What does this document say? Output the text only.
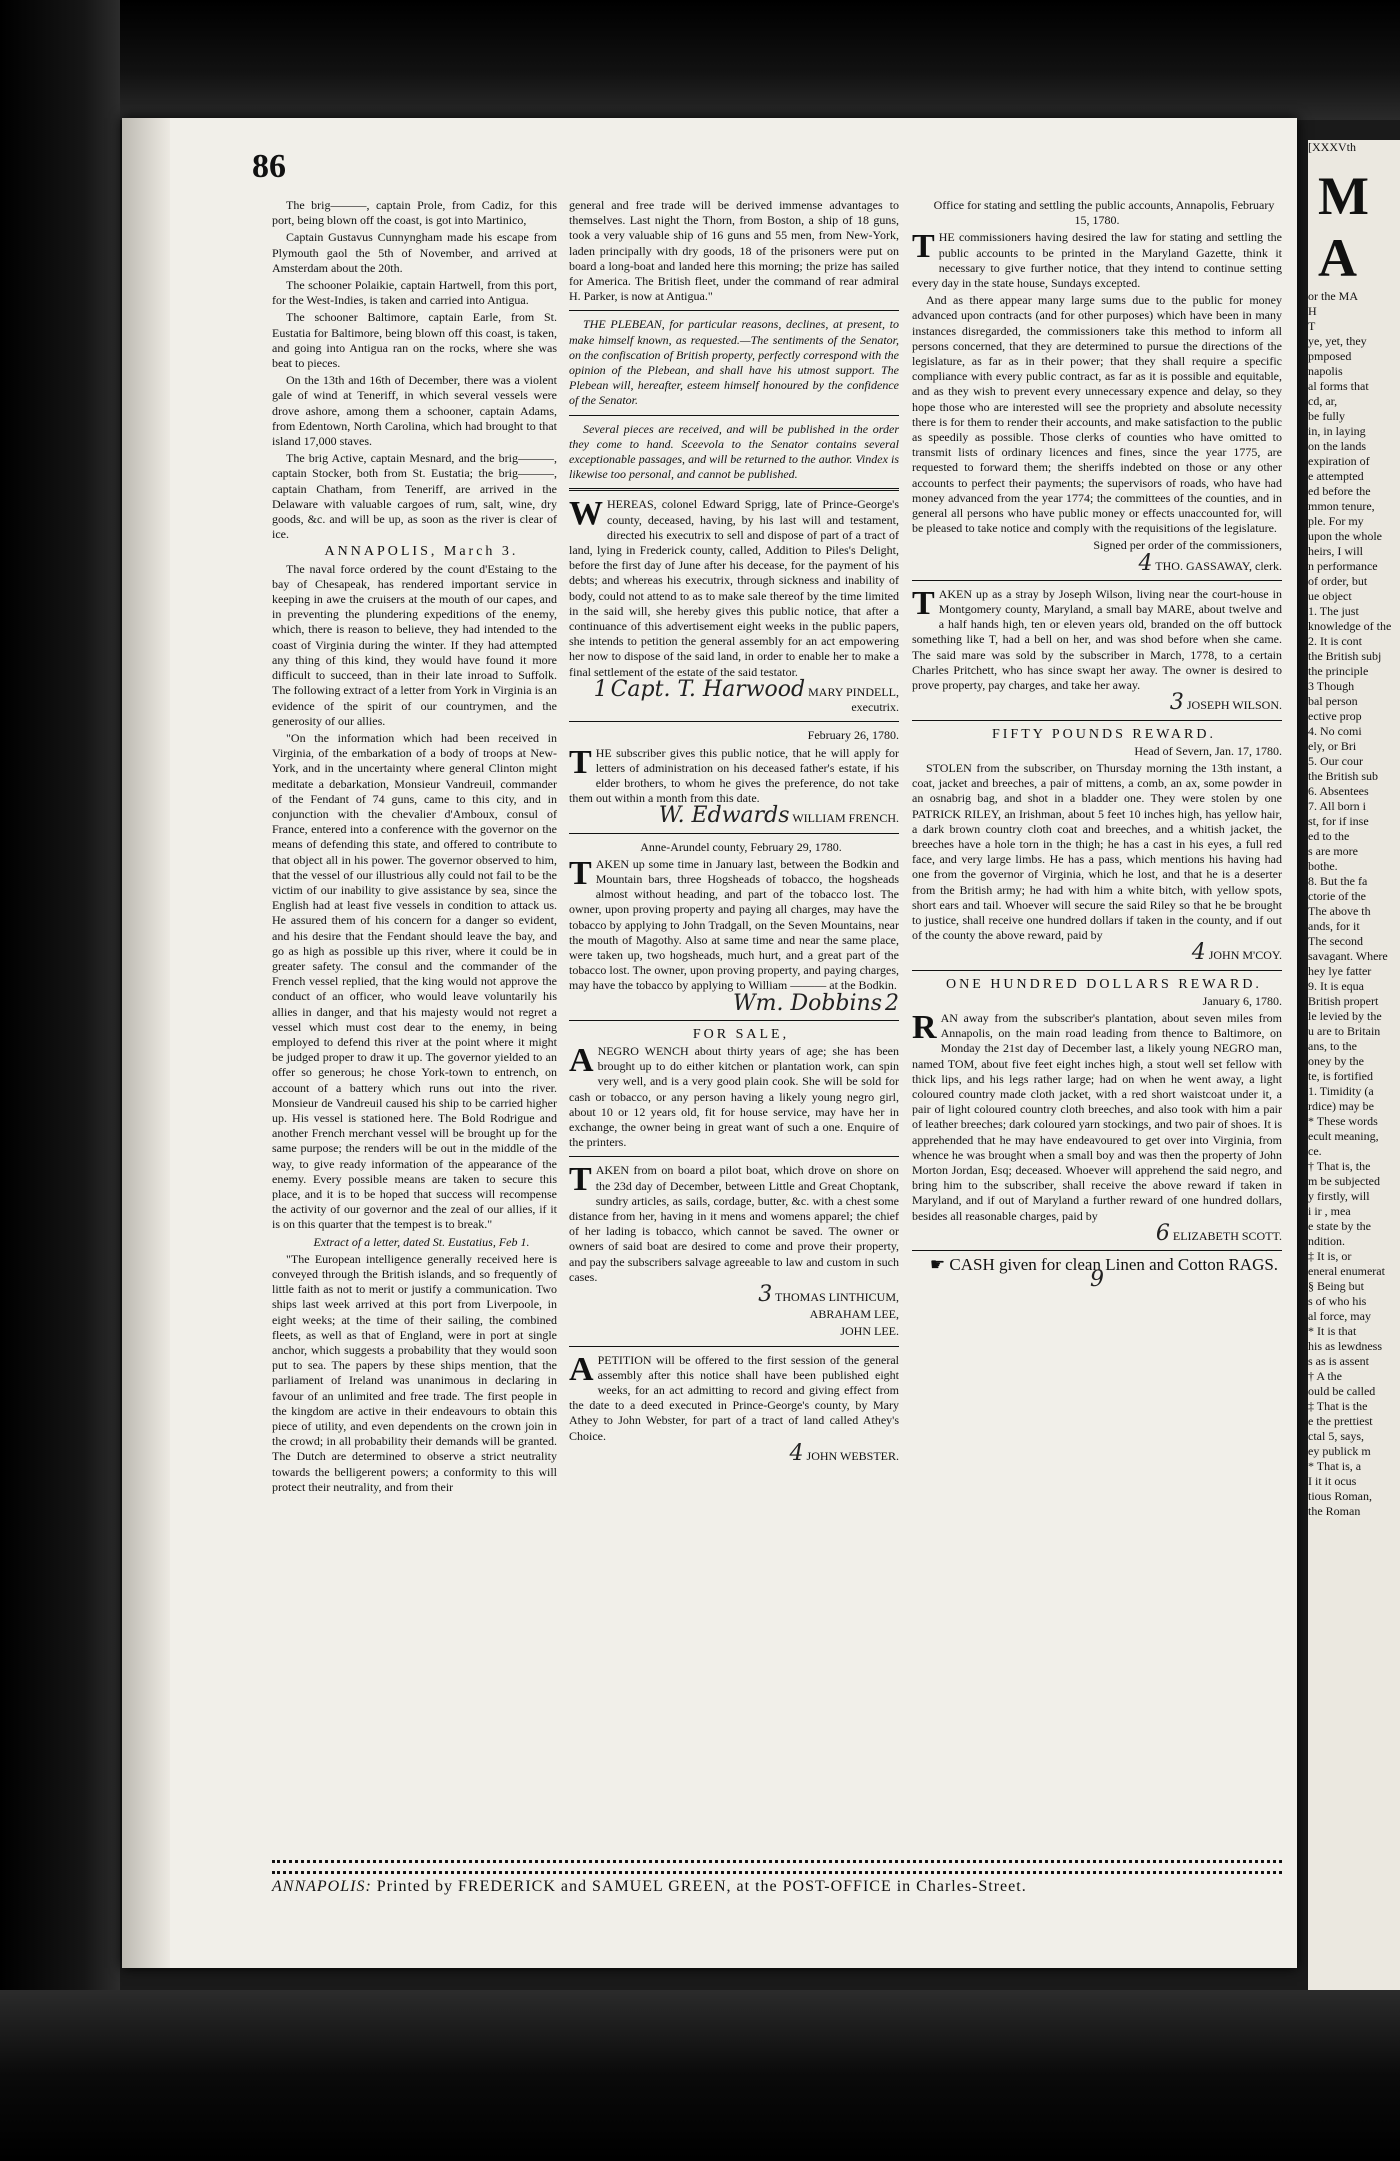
86

The brig———, captain Prole, from Cadiz, for this port, being blown off the coast, is got into Martinico,

Captain Gustavus Cunnyngham made his escape from Plymouth gaol the 5th of November, and arrived at Amsterdam about the 20th.

The schooner Polaikie, captain Hartwell, from this port, for the West-Indies, is taken and carried into Antigua.

The schooner Baltimore, captain Earle, from St. Eustatia for Baltimore, being blown off this coast, is taken, and going into Antigua ran on the rocks, where she was beat to pieces.

On the 13th and 16th of December, there was a violent gale of wind at Teneriff, in which several vessels were drove ashore, among them a schooner, captain Adams, from Edentown, North Carolina, which had brought to that island 17,000 staves.

The brig Active, captain Mesnard, and the brig———, captain Stocker, both from St. Eustatia; the brig———, captain Chatham, from Teneriff, are arrived in the Delaware with valuable cargoes of rum, salt, wine, dry goods, &c. and will be up, as soon as the river is clear of ice.

ANNAPOLIS, March 3.

The naval force ordered by the count d'Estaing to the bay of Chesapeak, has rendered important service in keeping in awe the cruisers at the mouth of our capes, and in preventing the plundering expeditions of the enemy, which, there is reason to believe, they had intended to the coast of Virginia during the winter. If they had attempted any thing of this kind, they would have found it more difficult to succeed, than in their late inroad to Suffolk. The following extract of a letter from York in Virginia is an evidence of the spirit of our countrymen, and the generosity of our allies.

"On the information which had been received in Virginia, of the embarkation of a body of troops at New-York, and in the uncertainty where general Clinton might meditate a debarkation, Monsieur Vandreuil, commander of the Fendant of 74 guns, came to this city, and in conjunction with the chevalier d'Amboux, consul of France, entered into a conference with the governor on the means of defending this state, and offered to contribute to that object all in his power. The governor observed to him, that the vessel of our illustrious ally could not fail to be the victim of our inability to give assistance by sea, since the English had at least five vessels in condition to attack us. He assured them of his concern for a danger so evident, and his desire that the Fendant should leave the bay, and go as high as possible up this river, where it could be in greater safety. The consul and the commander of the French vessel replied, that the king would not approve the conduct of an officer, who would leave voluntarily his allies in danger, and that his majesty would not regret a vessel which must cost dear to the enemy, in being employed to defend this river at the point where it might be judged proper to draw it up. The governor yielded to an offer so generous; he chose York-town to entrench, on account of a battery which runs out into the river. Monsieur de Vandreuil caused his ship to be carried higher up. His vessel is stationed here. The Bold Rodrigue and another French merchant vessel will be brought up for the same purpose; the renders will be out in the middle of the way, to give ready information of the appearance of the enemy. Every possible means are taken to secure this place, and it is to be hoped that success will recompense the activity of our governor and the zeal of our allies, if it is on this quarter that the tempest is to break."

Extract of a letter, dated St. Eustatius, Feb 1.

"The European intelligence generally received here is conveyed through the British islands, and so frequently of little faith as not to merit or justify a communication. Two ships last week arrived at this port from Liverpoole, in eight weeks; at the time of their sailing, the combined fleets, as well as that of England, were in port at single anchor, which suggests a probability that they would soon put to sea. The papers by these ships mention, that the parliament of Ireland was unanimous in declaring in favour of an unlimited and free trade. The first people in the kingdom are active in their endeavours to obtain this piece of utility, and even dependents on the crown join in the crowd; in all probability their demands will be granted. The Dutch are determined to observe a strict neutrality towards the belligerent powers; a conformity to this will protect their neutrality, and from their

general and free trade will be derived immense advantages to themselves. Last night the Thorn, from Boston, a ship of 18 guns, took a very valuable ship of 16 guns and 55 men, from New-York, laden principally with dry goods, 18 of the prisoners were put on board a long-boat and landed here this morning; the prize has sailed for America. The British fleet, under the command of rear admiral H. Parker, is now at Antigua."

THE PLEBEAN, for particular reasons, declines, at present, to make himself known, as requested.—The sentiments of the Senator, on the confiscation of British property, perfectly correspond with the opinion of the Plebean, and shall have his utmost support. The Plebean will, hereafter, esteem himself honoured by the confidence of the Senator.

Several pieces are received, and will be published in the order they come to hand. Sceevola to the Senator contains several exceptionable passages, and will be returned to the author. Vindex is likewise too personal, and cannot be published.

WHEREAS, colonel Edward Sprigg, late of Prince-George's county, deceased, having, by his last will and testament, directed his executrix to sell and dispose of part of a tract of land, lying in Frederick county, called, Addition to Piles's Delight, before the first day of June after his decease, for the payment of his debts; and whereas his executrix, through sickness and inability of body, could not attend to as to make sale thereof by the time limited in the said will, she hereby gives this public notice, that after a continuance of this advertisement eight weeks in the public papers, she intends to petition the general assembly for an act empowering her now to dispose of the said land, in order to enable her to make a final settlement of the estate of the said testator.

1 Capt. T. Harwood MARY PINDELL, executrix.

February 26, 1780.

THE subscriber gives this public notice, that he will apply for letters of administration on his deceased father's estate, if his elder brothers, to whom he gives the preference, do not take them out within a month from this date.

W. Edwards WILLIAM FRENCH.

Anne-Arundel county, February 29, 1780.

TAKEN up some time in January last, between the Bodkin and Mountain bars, three Hogsheads of tobacco, the hogsheads almost without heading, and part of the tobacco lost. The owner, upon proving property and paying all charges, may have the tobacco by applying to John Tradgall, on the Seven Mountains, near the mouth of Magothy. Also at same time and near the same place, were taken up, two hogsheads, much hurt, and a great part of the tobacco lost. The owner, upon proving property, and paying charges, may have the tobacco by applying to William ——— at the Bodkin.

Wm. Dobbins 2

FOR SALE,

ANEGRO WENCH about thirty years of age; she has been brought up to do either kitchen or plantation work, can spin very well, and is a very good plain cook. She will be sold for cash or tobacco, or any person having a likely young negro girl, about 10 or 12 years old, fit for house service, may have her in exchange, the owner being in great want of such a one. Enquire of the printers.

TAKEN from on board a pilot boat, which drove on shore on the 23d day of December, between Little and Great Choptank, sundry articles, as sails, cordage, butter, &c. with a chest some distance from her, having in it mens and womens apparel; the chief of her lading is tobacco, which cannot be saved. The owner or owners of said boat are desired to come and prove their property, and pay the subscribers salvage agreeable to law and custom in such cases.

3 THOMAS LINTHICUM,

ABRAHAM LEE,

JOHN LEE.

APETITION will be offered to the first session of the general assembly after this notice shall have been published eight weeks, for an act admitting to record and giving effect from the date to a deed executed in Prince-George's county, by Mary Athey to John Webster, for part of a tract of land called Athey's Choice.

4 JOHN WEBSTER.

Office for stating and settling the public accounts, Annapolis, February 15, 1780.

THE commissioners having desired the law for stating and settling the public accounts to be printed in the Maryland Gazette, think it necessary to give further notice, that they intend to continue setting every day in the state house, Sundays excepted.

And as there appear many large sums due to the public for money advanced upon contracts (and for other purposes) which have been in many instances disregarded, the commissioners take this method to inform all persons concerned, that they are determined to pursue the directions of the legislature, as far as in their power; that they shall require a specific compliance with every public contract, as far as it is possible and equitable, and as they wish to prevent every unnecessary expence and delay, so they hope those who are interested will see the propriety and absolute necessity there is for them to render their accounts, and make satisfaction to the public as speedily as possible. Those clerks of counties who have omitted to transmit lists of ordinary licences and fines, since the year 1775, are requested to forward them; the sheriffs indebted on those or any other accounts to perfect their payments; the supervisors of roads, who have had money advanced from the year 1774; the committees of the counties, and in general all persons who have public money or effects unaccounted for, will be pleased to take notice and comply with the requisitions of the legislature.

Signed per order of the commissioners,

4 THO. GASSAWAY, clerk.

TAKEN up as a stray by Joseph Wilson, living near the court-house in Montgomery county, Maryland, a small bay MARE, about twelve and a half hands high, ten or eleven years old, branded on the off buttock something like T, had a bell on her, and was shod before when she came. The said mare was sold by the subscriber in March, 1778, to a certain Charles Pritchett, who has since swapt her away. The owner is desired to prove property, pay charges, and take her away.

3 JOSEPH WILSON.

FIFTY POUNDS REWARD.

Head of Severn, Jan. 17, 1780.

STOLEN from the subscriber, on Thursday morning the 13th instant, a coat, jacket and breeches, a pair of mittens, a comb, an ax, some powder in an osnabrig bag, and shot in a bladder one. They were stolen by one PATRICK RILEY, an Irishman, about 5 feet 10 inches high, has yellow hair, a dark brown country cloth coat and breeches, and a whitish jacket, the breeches have a hole torn in the thigh; he has a cast in his eyes, a full red face, and very large limbs. He has a pass, which mentions his having had one from the governor of Virginia, which he lost, and that he is a deserter from the British army; he had with him a white bitch, with yellow spots, short ears and tail. Whoever will secure the said Riley so that he be brought to justice, shall receive one hundred dollars if taken in the county, and if out of the county the above reward, paid by

4 JOHN M'COY.

ONE HUNDRED DOLLARS REWARD.

January 6, 1780.

RAN away from the subscriber's plantation, about seven miles from Annapolis, on the main road leading from thence to Baltimore, on Monday the 21st day of December last, a likely young NEGRO man, named TOM, about five feet eight inches high, a stout well set fellow with thick lips, and his legs rather large; had on when he went away, a light coloured country made cloth jacket, with a red short waistcoat under it, a pair of light coloured country cloth breeches, and also took with him a pair of leather breeches; dark coloured yarn stockings, and two pair of shoes. It is apprehended that he may have endeavoured to get over into Virginia, from whence he was brought when a small boy and was then the property of John Morton Jordan, Esq; deceased. Whoever will apprehend the said negro, and bring him to the subscriber, shall receive the above reward if taken in Maryland, and if out of Maryland a further reward of one hundred dollars, besides all reasonable charges, paid by

6 ELIZABETH SCOTT.

☛ CASH given for clean Linen and Cotton RAGS. 9

ANNAPOLIS: Printed by FREDERICK and SAMUEL GREEN, at the POST-OFFICE in Charles-Street.
[XXXVth
M A
or the MA
H
T
ye, yet, they
pmposed
napolis
al forms that
cd, ar,
be fully
in, in laying
on the lands
expiration of
e attempted
ed before the
mmon tenure,
ple. For my
upon the whole
heirs, I will
n performance
of order, but
ue object
1. The just
knowledge of the
2. It is cont
the British subj
the principle
3 Though
bal person
ective prop
4. No comi
ely, or Bri
5. Our cour
the British sub
6. Absentees
7. All born i
st, for if inse
ed to the
s are more
bothe.
8. But the fa
ctorie of the
The above th
ands, for it
The second
savagant. Where
hey lye fatter
9. It is equa
British propert
le levied by the
u are to Britain
ans, to the
oney by the
te, is fortified
1. Timidity (a
rdice) may be
* These words
ecult meaning,
ce.
† That is, the
m be subjected
y firstly, will
i ir , mea
e state by the
ndition.
‡ It is, or
eneral enumerat
§ Being but
s of who his
al force, may
* It is that
his as lewdness
s as is assent
† A the
ould be called
‡ That is the
e the prettiest
ctal 5, says,
ey publick m
* That is, a
I it it ocus
tious Roman,
the Roman
